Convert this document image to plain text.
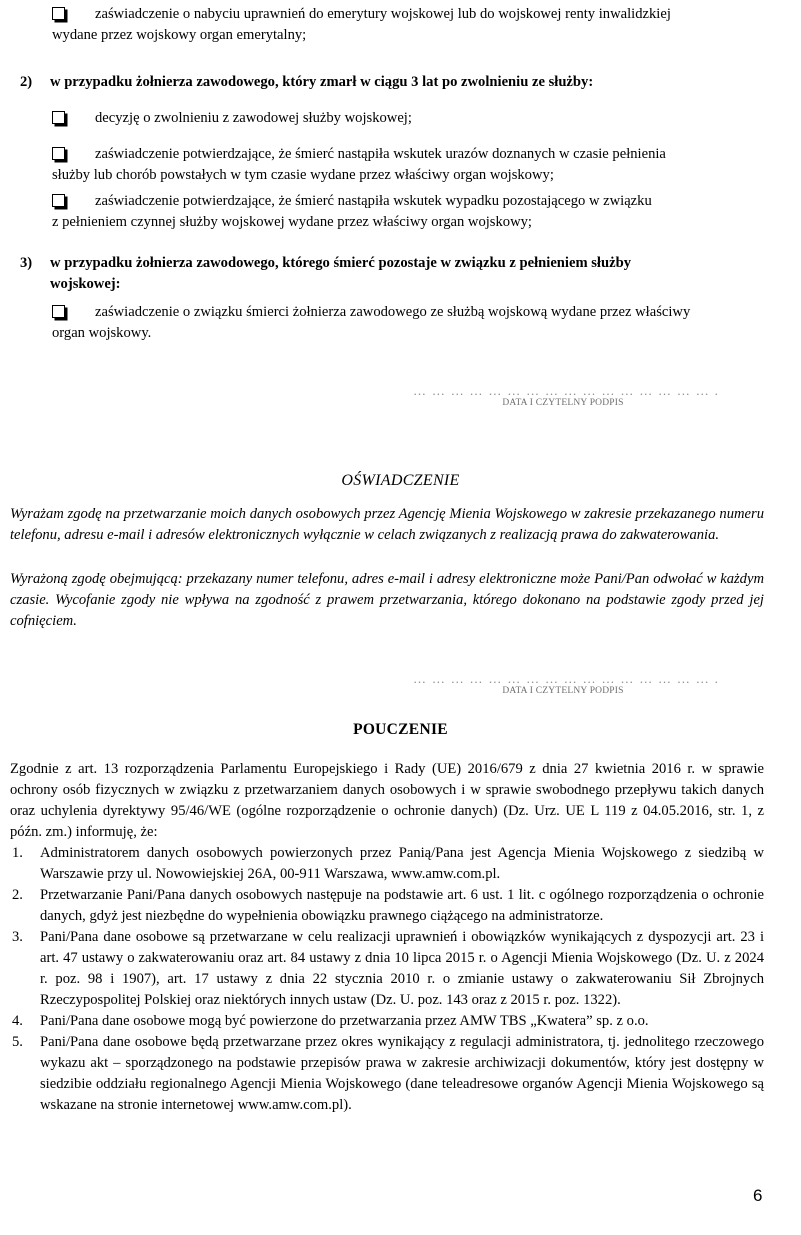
zaświadczenie o nabyciu uprawnień do emerytury wojskowej lub do wojskowej renty inwalidzkiej
wydane przez wojskowy organ emerytalny;
2) w przypadku żołnierza zawodowego, który zmarł w ciągu 3 lat po zwolnieniu ze służby:
decyzję o zwolnieniu z zawodowej służby wojskowej;
zaświadczenie potwierdzające, że śmierć nastąpiła wskutek urazów doznanych w czasie pełnienia
służby lub chorób powstałych w tym czasie wydane przez właściwy organ wojskowy;
zaświadczenie potwierdzające, że śmierć nastąpiła wskutek wypadku pozostającego w związku
z pełnieniem czynnej służby wojskowej wydane przez właściwy organ wojskowy;
3) w przypadku żołnierza zawodowego, którego śmierć pozostaje w związku z pełnieniem służby
wojskowej:
zaświadczenie o związku śmierci żołnierza zawodowego ze służbą wojskową wydane przez właściwy
organ wojskowy.
… … … … … … … … … … … … … … … … .
DATA I CZYTELNY PODPIS
OŚWIADCZENIE
Wyrażam zgodę na przetwarzanie moich danych osobowych przez Agencję Mienia Wojskowego w zakresie przekazanego numeru telefonu, adresu e-mail i adresów elektronicznych wyłącznie w celach związanych z realizacją prawa do zakwaterowania.
Wyrażoną zgodę obejmującą: przekazany numer telefonu, adres e-mail i adresy elektroniczne może Pani/Pan odwołać w każdym czasie. Wycofanie zgody nie wpływa na zgodność z prawem przetwarzania, którego dokonano na podstawie zgody przed jej cofnięciem.
… … … … … … … … … … … … … … … … .
DATA I CZYTELNY PODPIS
POUCZENIE
Zgodnie z art. 13 rozporządzenia Parlamentu Europejskiego i Rady (UE) 2016/679 z dnia 27 kwietnia 2016 r. w sprawie ochrony osób fizycznych w związku z przetwarzaniem danych osobowych i w sprawie swobodnego przepływu takich danych oraz uchylenia dyrektywy 95/46/WE (ogólne rozporządzenie o ochronie danych) (Dz. Urz. UE L 119 z 04.05.2016, str. 1, z późn. zm.) informuję, że:
1. Administratorem danych osobowych powierzonych przez Panią/Pana jest Agencja Mienia Wojskowego z siedzibą w Warszawie przy ul. Nowowiejskiej 26A, 00-911 Warszawa, www.amw.com.pl.
2. Przetwarzanie Pani/Pana danych osobowych następuje na podstawie art. 6 ust. 1 lit. c ogólnego rozporządzenia o ochronie danych, gdyż jest niezbędne do wypełnienia obowiązku prawnego ciążącego na administratorze.
3. Pani/Pana dane osobowe są przetwarzane w celu realizacji uprawnień i obowiązków wynikających z dyspozycji art. 23 i art. 47 ustawy o zakwaterowaniu oraz art. 84 ustawy z dnia 10 lipca 2015 r. o Agencji Mienia Wojskowego (Dz. U. z 2024 r. poz. 98 i 1907), art. 17 ustawy z dnia 22 stycznia 2010 r. o zmianie ustawy o zakwaterowaniu Sił Zbrojnych Rzeczypospolitej Polskiej oraz niektórych innych ustaw (Dz. U. poz. 143 oraz z 2015 r. poz. 1322).
4. Pani/Pana dane osobowe mogą być powierzone do przetwarzania przez AMW TBS „Kwatera” sp. z o.o.
5. Pani/Pana dane osobowe będą przetwarzane przez okres wynikający z regulacji administratora, tj. jednolitego rzeczowego wykazu akt – sporządzonego na podstawie przepisów prawa w zakresie archiwizacji dokumentów, który jest dostępny w siedzibie oddziału regionalnego Agencji Mienia Wojskowego (dane teleadresowe organów Agencji Mienia Wojskowego są wskazane na stronie internetowej www.amw.com.pl).
6
